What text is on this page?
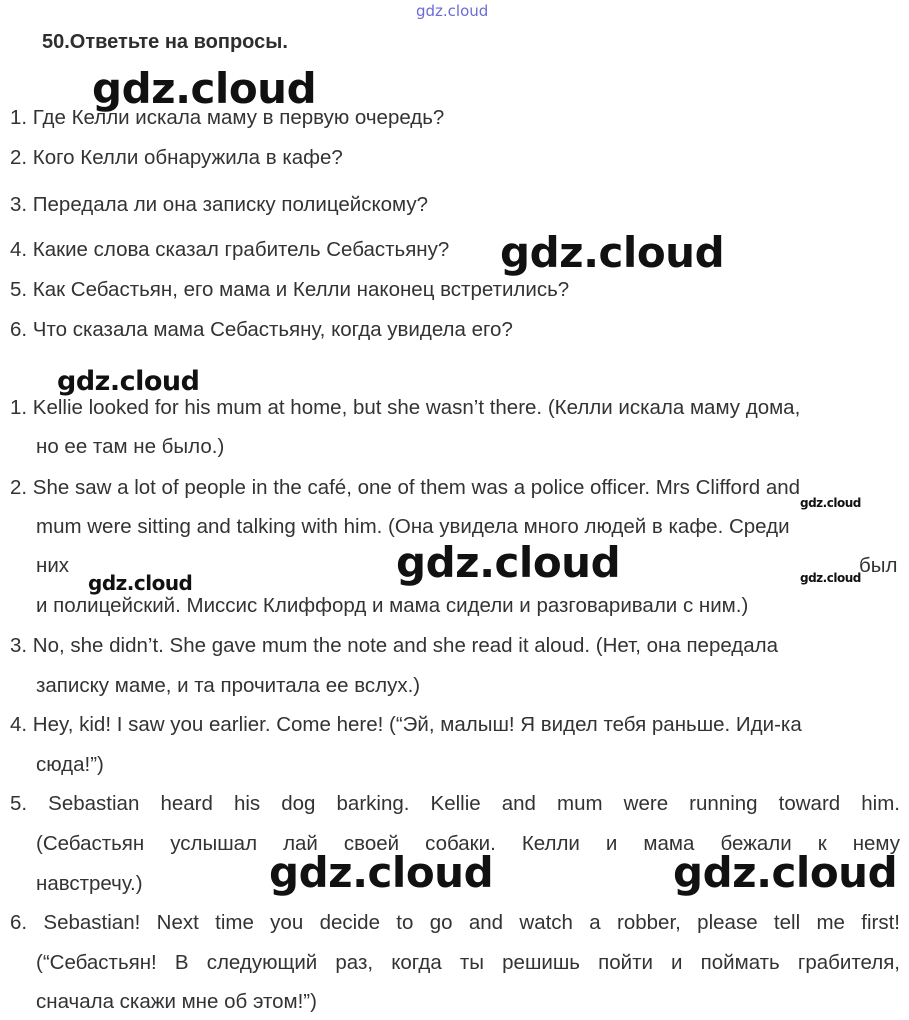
gdz.cloud
50.Ответьте на вопросы.
1. Где Келли искала маму в первую очередь?
2. Кого Келли обнаружила в кафе?
3. Передала ли она записку полицейскому?
4. Какие слова сказал грабитель Себастьяну?
5. Как Себастьян, его мама и Келли наконец встретились?
6. Что сказала мама Себастьяну, когда увидела его?
1. Kellie looked for his mum at home, but she wasn’t there. (Келли искала маму дома,
но ее там не было.)
2. She saw a lot of people in the café, one of them was a police officer. Mrs Clifford and
mum were sitting and talking with him. (Она увидела много людей в кафе. Среди
них	был
и полицейский. Миссис Клиффорд и мама сидели и разговаривали с ним.)
3. No, she didn’t. She gave mum the note and she read it aloud. (Нет, она передала
записку маме, и та прочитала ее вслух.)
4. Hey, kid! I saw you earlier. Come here! (“Эй, малыш! Я видел тебя раньше. Иди-ка
сюда!”)
5. Sebastian heard his dog barking. Kellie and mum were running toward him.
(Себастьян услышал лай своей собаки. Келли и мама бежали к нему
навстречу.)
6. Sebastian! Next time you decide to go and watch a robber, please tell me first!
(“Себастьян! В следующий раз, когда ты решишь пойти и поймать грабителя,
сначала скажи мне об этом!”)
gdz.cloud
gdz.cloud
gdz.cloud
gdz.cloud
gdz.cloud
gdz.cloud	gdz.cloud
gdz.cloud	gdz.cloud
